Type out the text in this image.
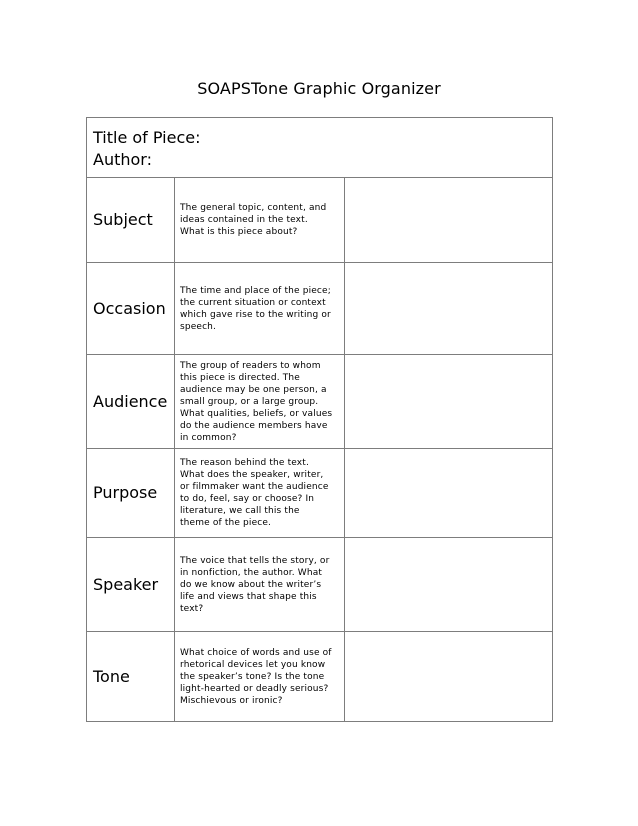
SOAPSTone Graphic Organizer
Title of Piece:
Author:
Subject
The general topic, content, and
ideas contained in the text.
What is this piece about?
Occasion
The time and place of the piece;
the current situation or context
which gave rise to the writing or
speech.
Audience
The group of readers to whom
this piece is directed. The
audience may be one person, a
small group, or a large group.
What qualities, beliefs, or values
do the audience members have
in common?
Purpose
The reason behind the text.
What does the speaker, writer,
or filmmaker want the audience
to do, feel, say or choose? In
literature, we call this the
theme of the piece.
Speaker
The voice that tells the story, or
in nonfiction, the author. What
do we know about the writer’s
life and views that shape this
text?
Tone
What choice of words and use of
rhetorical devices let you know
the speaker’s tone? Is the tone
light-hearted or deadly serious?
Mischievous or ironic?
